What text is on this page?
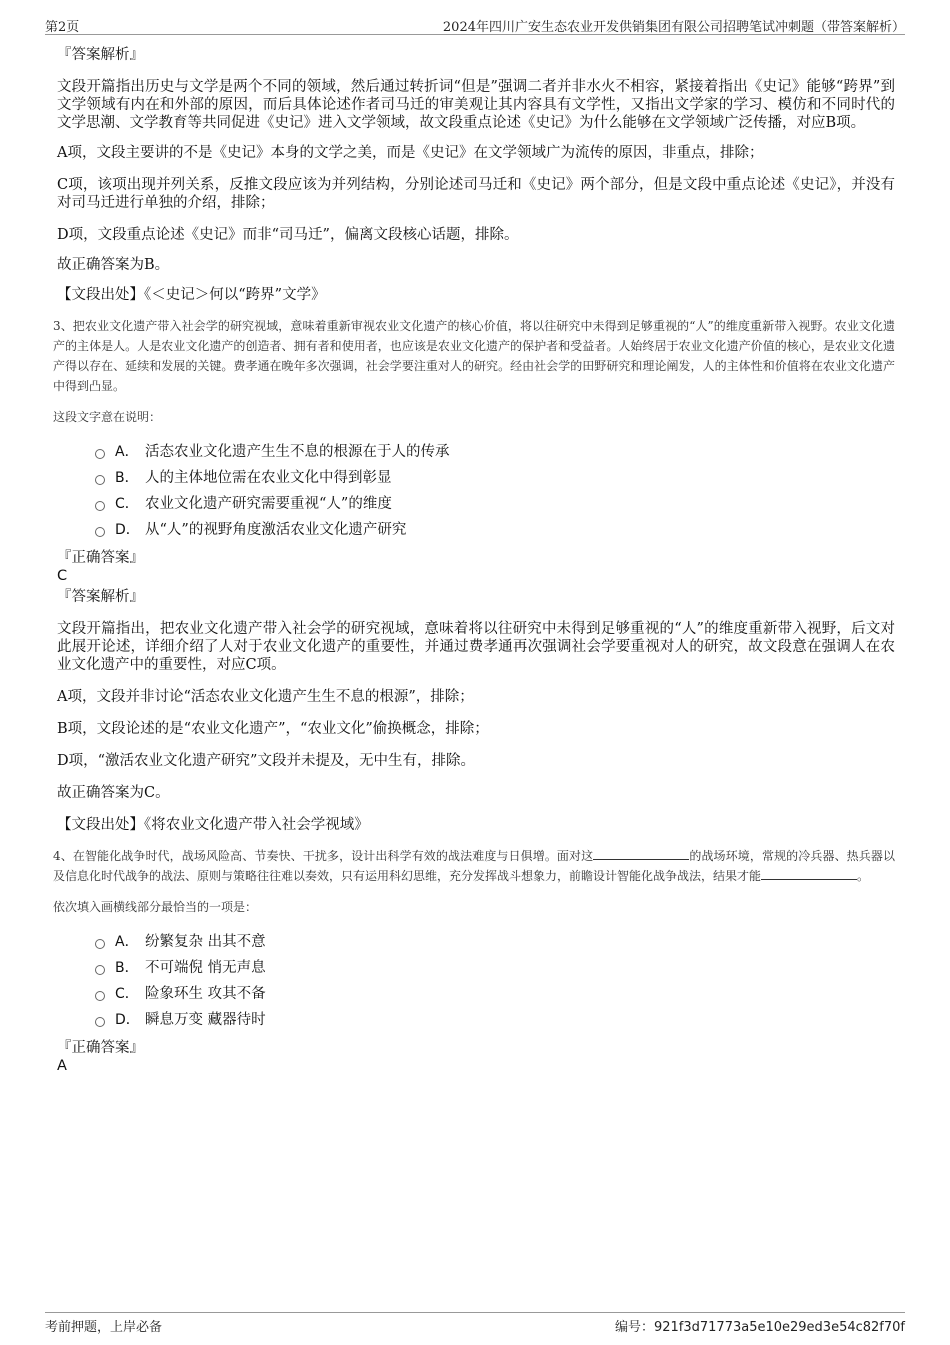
第2页	2024年四川广安生态农业开发供销集团有限公司招聘笔试冲刺题（带答案解析）
『答案解析』
文段开篇指出历史与文学是两个不同的领域，然后通过转折词“但是”强调二者并非水火不相容，紧接着指出《史记》能够“跨界”到文学领域有内在和外部的原因，而后具体论述作者司马迁的审美观让其内容具有文学性，又指出文学家的学习、模仿和不同时代的文学思潮、文学教育等共同促进《史记》进入文学领域，故文段重点论述《史记》为什么能够在文学领域广泛传播，对应B项。
A项，文段主要讲的不是《史记》本身的文学之美，而是《史记》在文学领域广为流传的原因，非重点，排除；
C项，该项出现并列关系，反推文段应该为并列结构，分别论述司马迁和《史记》两个部分，但是文段中重点论述《史记》，并没有对司马迁进行单独的介绍，排除；
D项，文段重点论述《史记》而非“司马迁”，偏离文段核心话题，排除。
故正确答案为B。
【文段出处】《＜史记＞何以“跨界”文学》
3、把农业文化遗产带入社会学的研究视域，意味着重新审视农业文化遗产的核心价值，将以往研究中未得到足够重视的“人”的维度重新带入视野。农业文化遗产的主体是人。人是农业文化遗产的创造者、拥有者和使用者，也应该是农业文化遗产的保护者和受益者。人始终居于农业文化遗产价值的核心，是农业文化遗产得以存在、延续和发展的关键。费孝通在晚年多次强调，社会学要注重对人的研究。经由社会学的田野研究和理论阐发，人的主体性和价值将在农业文化遗产中得到凸显。
这段文字意在说明：
A． 活态农业文化遗产生生不息的根源在于人的传承
B． 人的主体地位需在农业文化中得到彰显
C． 农业文化遗产研究需要重视“人”的维度
D． 从“人”的视野角度激活农业文化遗产研究
『正确答案』
C
『答案解析』
文段开篇指出，把农业文化遗产带入社会学的研究视域，意味着将以往研究中未得到足够重视的“人”的维度重新带入视野，后文对此展开论述，详细介绍了人对于农业文化遗产的重要性，并通过费孝通再次强调社会学要重视对人的研究，故文段意在强调人在农业文化遗产中的重要性，对应C项。
A项，文段并非讨论“活态农业文化遗产生生不息的根源”，排除；
B项，文段论述的是“农业文化遗产”，“农业文化”偷换概念，排除；
D项，“激活农业文化遗产研究”文段并未提及，无中生有，排除。
故正确答案为C。
【文段出处】《将农业文化遗产带入社会学视域》
4、在智能化战争时代，战场风险高、节奏快、干扰多，设计出科学有效的战法难度与日俱增。面对这	的战场环境，常规的冷兵器、热兵器以及信息化时代战争的战法、原则与策略往往难以奏效，只有运用科幻思维，充分发挥战斗想象力，前瞻设计智能化战争战法，结果才能	。
依次填入画横线部分最恰当的一项是：
A． 纷繁复杂 出其不意
B． 不可端倪 悄无声息
C． 险象环生 攻其不备
D． 瞬息万变 藏器待时
『正确答案』
A
考前押题，上岸必备	编号：921f3d71773a5e10e29ed3e54c82f70f
